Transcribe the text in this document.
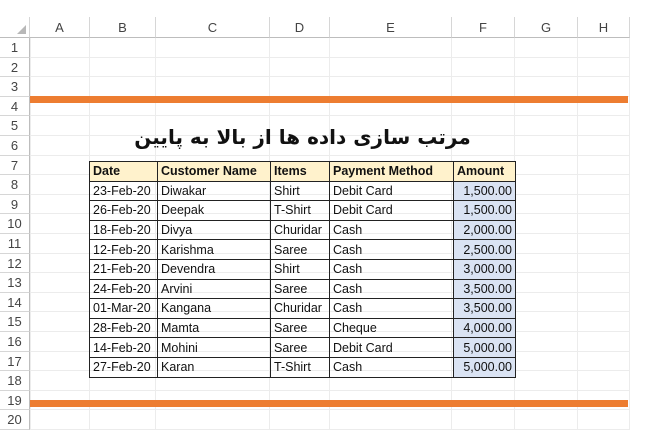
A	B	C	D	E	F	G	H
1
2
3
4
5
6
7
8
9
10
11
12
13
14
15
16
17
18
19
20
مرتب سازی داده ها از بالا به پایین
Date	Customer Name	Items	Payment Method	Amount
23-Feb-20	Diwakar	Shirt	Debit Card	1,500.00
26-Feb-20	Deepak	T-Shirt	Debit Card	1,500.00
18-Feb-20	Divya	Churidar	Cash	2,000.00
12-Feb-20	Karishma	Saree	Cash	2,500.00
21-Feb-20	Devendra	Shirt	Cash	3,000.00
24-Feb-20	Arvini	Saree	Cash	3,500.00
01-Mar-20	Kangana	Churidar	Cash	3,500.00
28-Feb-20	Mamta	Saree	Cheque	4,000.00
14-Feb-20	Mohini	Saree	Debit Card	5,000.00
27-Feb-20	Karan	T-Shirt	Cash	5,000.00
